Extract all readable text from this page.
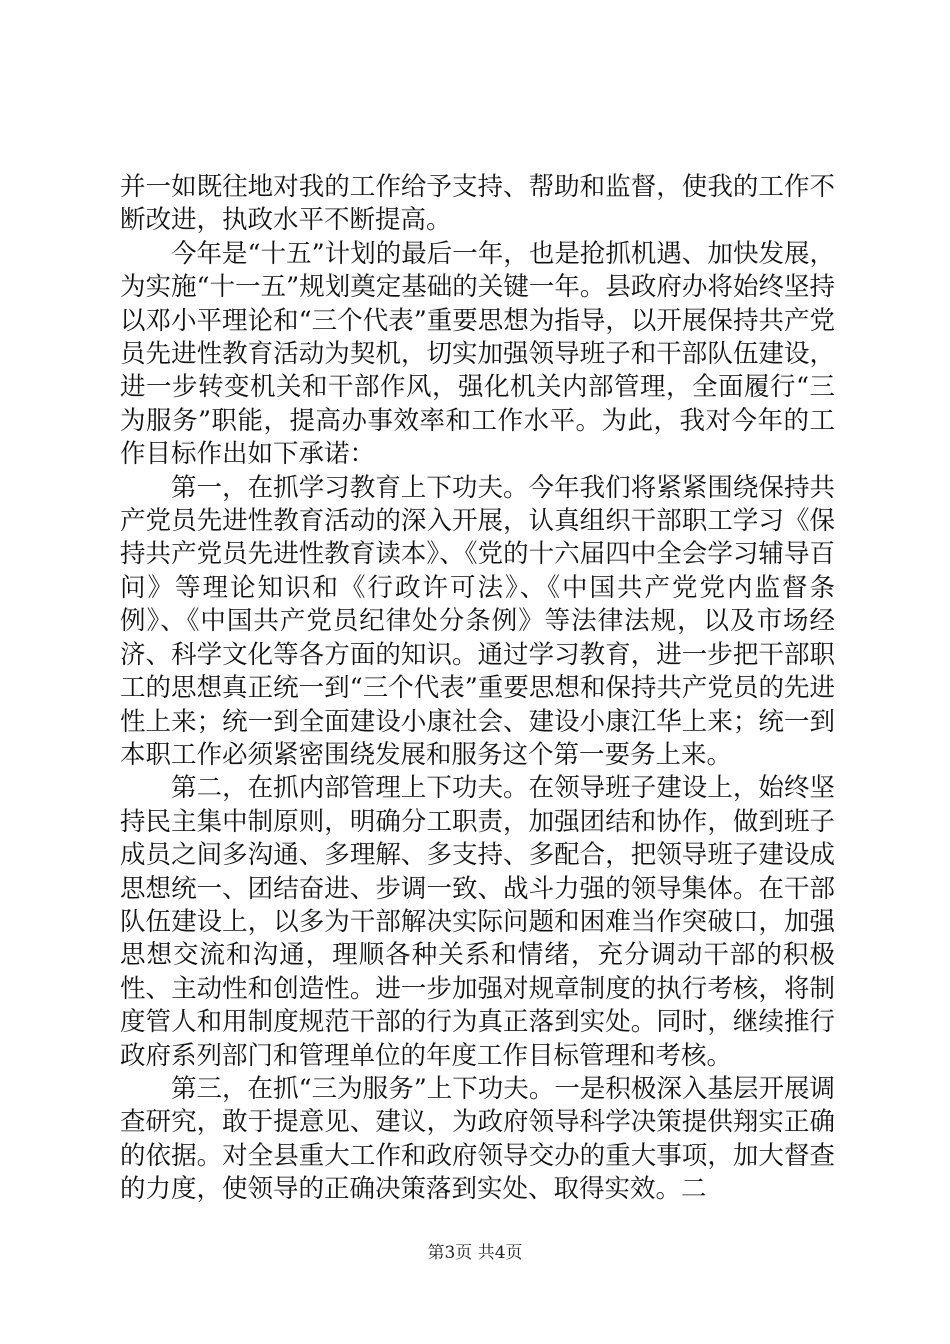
并一如既往地对我的工作给予支持、帮助和监督，使我的工作不断改进，执政水平不断提高。

今年是“十五”计划的最后一年，也是抢抓机遇、加快发展，为实施“十一五”规划奠定基础的关键一年。县政府办将始终坚持以邓小平理论和“三个代表”重要思想为指导，以开展保持共产党员先进性教育活动为契机，切实加强领导班子和干部队伍建设，进一步转变机关和干部作风，强化机关内部管理，全面履行“三为服务”职能，提高办事效率和工作水平。为此，我对今年的工作目标作出如下承诺：

第一，在抓学习教育上下功夫。今年我们将紧紧围绕保持共产党员先进性教育活动的深入开展，认真组织干部职工学习《保持共产党员先进性教育读本》、《党的十六届四中全会学习辅导百问》等理论知识和《行政许可法》、《中国共产党党内监督条例》、《中国共产党员纪律处分条例》等法律法规，以及市场经济、科学文化等各方面的知识。通过学习教育，进一步把干部职工的思想真正统一到“三个代表”重要思想和保持共产党员的先进性上来；统一到全面建设小康社会、建设小康江华上来；统一到本职工作必须紧密围绕发展和服务这个第一要务上来。

第二，在抓内部管理上下功夫。在领导班子建设上，始终坚持民主集中制原则，明确分工职责，加强团结和协作，做到班子成员之间多沟通、多理解、多支持、多配合，把领导班子建设成思想统一、团结奋进、步调一致、战斗力强的领导集体。在干部队伍建设上，以多为干部解决实际问题和困难当作突破口，加强思想交流和沟通，理顺各种关系和情绪，充分调动干部的积极性、主动性和创造性。进一步加强对规章制度的执行考核，将制度管人和用制度规范干部的行为真正落到实处。同时，继续推行政府系列部门和管理单位的年度工作目标管理和考核。

第三，在抓“三为服务”上下功夫。一是积极深入基层开展调查研究，敢于提意见、建议，为政府领导科学决策提供翔实正确的依据。对全县重大工作和政府领导交办的重大事项，加大督查的力度，使领导的正确决策落到实处、取得实效。二

第3页 共4页
